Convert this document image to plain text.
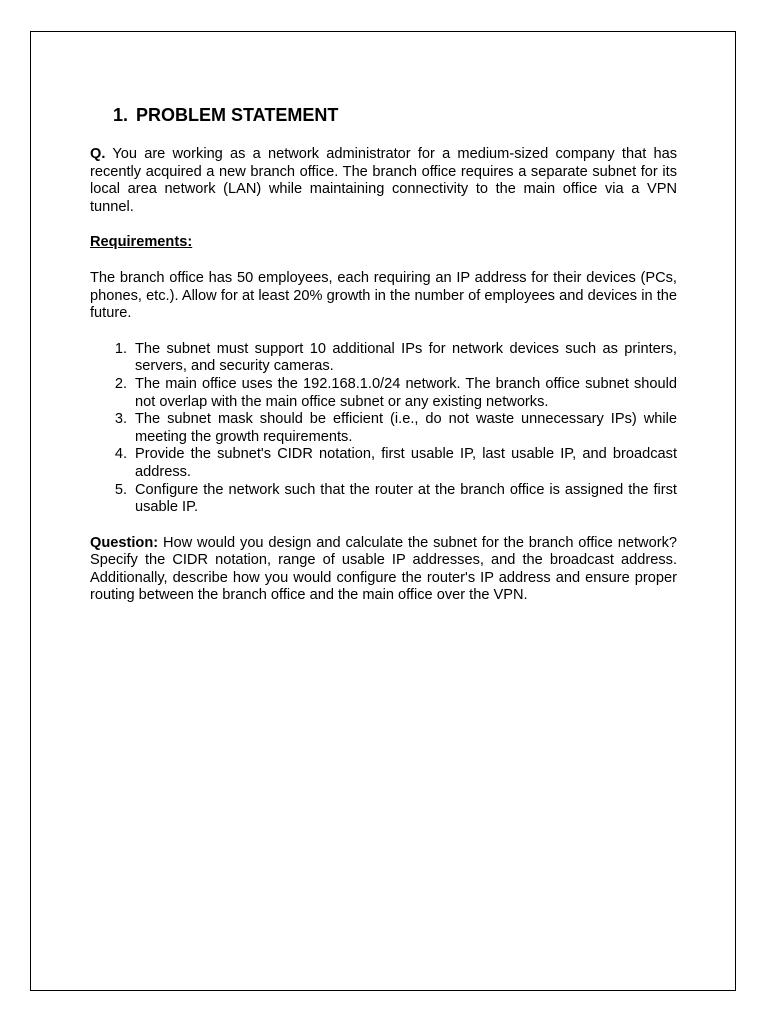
1. PROBLEM STATEMENT

Q. You are working as a network administrator for a medium-sized company that has recently acquired a new branch office. The branch office requires a separate subnet for its local area network (LAN) while maintaining connectivity to the main office via a VPN tunnel.

Requirements:

The branch office has 50 employees, each requiring an IP address for their devices (PCs, phones, etc.). Allow for at least 20% growth in the number of employees and devices in the future.

1. The subnet must support 10 additional IPs for network devices such as printers, servers, and security cameras.
2. The main office uses the 192.168.1.0/24 network. The branch office subnet should not overlap with the main office subnet or any existing networks.
3. The subnet mask should be efficient (i.e., do not waste unnecessary IPs) while meeting the growth requirements.
4. Provide the subnet's CIDR notation, first usable IP, last usable IP, and broadcast address.
5. Configure the network such that the router at the branch office is assigned the first usable IP.

Question: How would you design and calculate the subnet for the branch office network? Specify the CIDR notation, range of usable IP addresses, and the broadcast address. Additionally, describe how you would configure the router's IP address and ensure proper routing between the branch office and the main office over the VPN.
